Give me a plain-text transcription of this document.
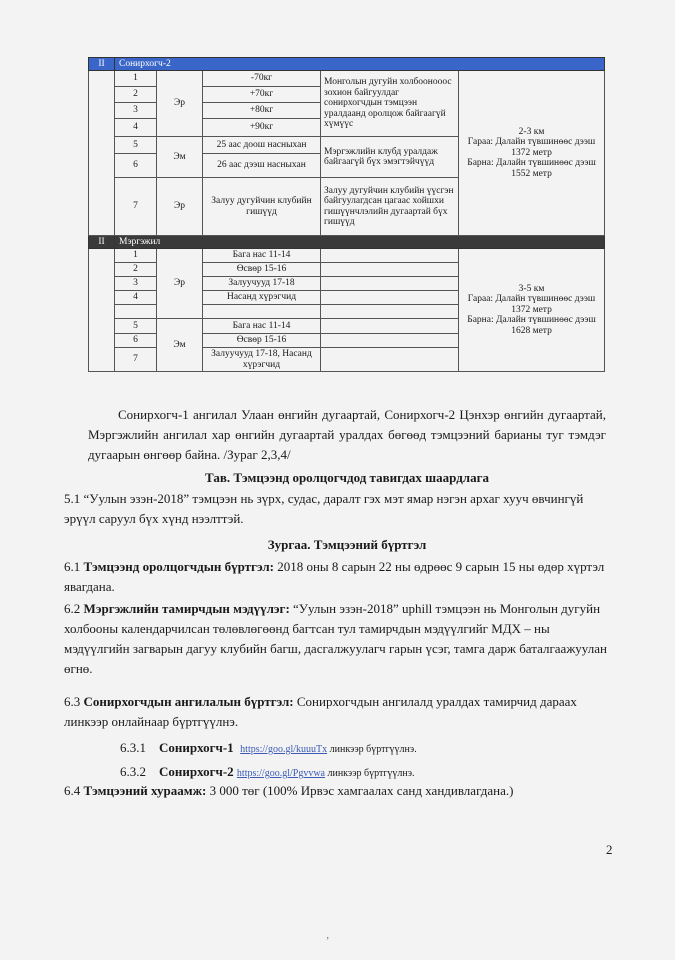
II	Сонирхогч-2				
	1	Эр	-70кг	Монголын дугуйн холбоонооос зохион байгуулдаг сонирхогчдын тэмцээн уралдаанд оролцож байгаагүй хүмүүс	2-3 км
Гараа: Далайн түвшинөөс дээш 1372 метр
Барна: Далайн түвшинөөс дээш 1552 метр
	2		+70кг		
	3		+80кг		
	4		+90кг		
	5	Эм	25 аас доош насныхан	Мэргэжлийн клубд уралдаж байгаагүй бүх эмэгтэйчүүд	
	6		26 аас дээш насныхан		
	7	Эр	Залуу дугуйчин клубийн гишүүд	Залуу дугуйчин клубийн үүсгэн байгуулагдсан цагаас хойшхи гишүүнчлэлийн дугаартай бүх гишүүд	
II	Мэргэжил				
	1	Эр	Бага нас 11-14		3-5 км
Гараа: Далайн түвшинөөс дээш 1372 метр
Барна: Далайн түвшинөөс дээш 1628 метр
	2		Өсвөр 15-16		
	3		Залуучууд 17-18		
	4		Насанд хүрэгчид		

	5	Эм	Бага нас 11-14		
	6		Өсвөр 15-16		
	7		Залуучууд 17-18, Насанд хүрэгчид		
Сонирхогч-1 ангилал Улаан өнгийн дугаартай, Сонирхогч-2 Цэнхэр өнгийн дугаартай, Мэргэжлийн ангилал хар өнгийн дугаартай уралдах бөгөөд тэмцээний барианы туг тэмдэг дугаарын өнгөөр байна. /Зураг 2,3,4/
Тав. Тэмцээнд оролцогчдод тавигдах шаардлага
5.1 “Уулын эзэн-2018” тэмцээн нь зүрх, судас, даралт гэх мэт ямар нэгэн архаг хууч өвчингүй эрүүл саруул бүх хүнд нээлттэй.
Зургаа. Тэмцээний бүртгэл
6.1 Тэмцээнд оролцогчдын бүртгэл: 2018 оны 8 сарын 22 ны өдрөөс 9 сарын 15 ны өдөр хүртэл явагдана.
6.2 Мэргэжлийн тамирчдын мэдүүлэг: “Уулын эзэн-2018” uphill тэмцээн нь Монголын дугуйн холбооны календарчилсан төлөвлөгөөнд багтсан тул тамирчдын мэдүүлгийг МДХ – ны мэдүүлгийн загварын дагуу клубийн багш, дасгалжуулагч гарын үсэг, тамга дарж баталгаажуулан өгнө.
6.3 Сонирхогчдын ангилалын бүртгэл: Сонирхогчдын ангилалд уралдах тамирчид дараах линкээр онлайнаар бүртгүүлнэ.
6.3.1 Сонирхогч-1 https://goo.gl/kuuuTx линкээр бүртгүүлнэ.
6.3.2 Сонирхогч-2 https://goo.gl/Pgvvwa линкээр бүртгүүлнэ.
6.4 Тэмцээний хураамж: 3 000 төг (100% Ирвэс хамгаалах санд хандивлагдана.)
2
ʼ
